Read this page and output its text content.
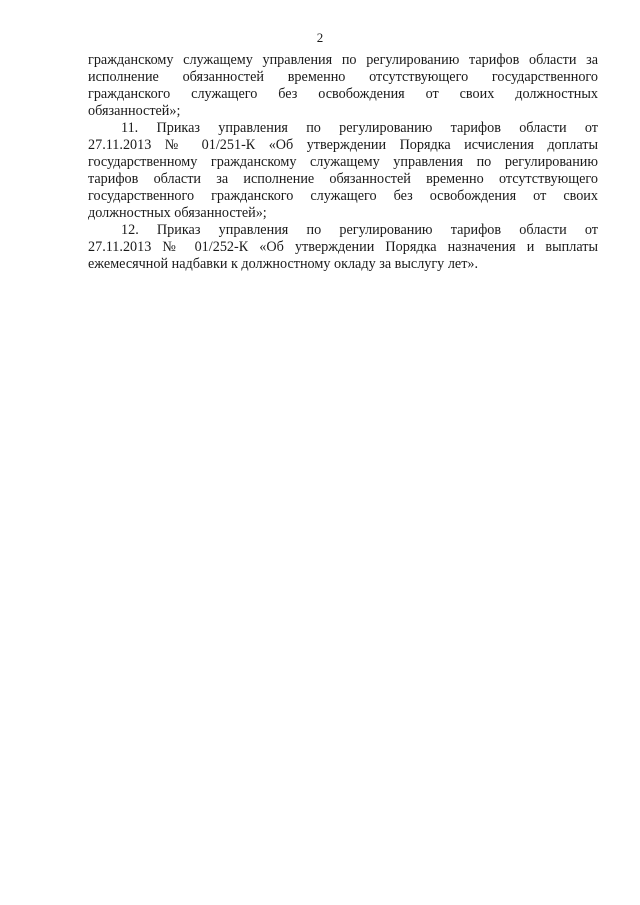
2

гражданскому служащему управления по регулированию тарифов области за
исполнение обязанностей временно отсутствующего государственного
гражданского служащего без освобождения от своих должностных
обязанностей»;

11. Приказ управления по регулированию тарифов области от
27.11.2013 № 01/251-К «Об утверждении Порядка исчисления доплаты
государственному гражданскому служащему управления по регулированию
тарифов области за исполнение обязанностей временно отсутствующего
государственного гражданского служащего без освобождения от своих
должностных обязанностей»;

12. Приказ управления по регулированию тарифов области от
27.11.2013 № 01/252-К «Об утверждении Порядка назначения и выплаты
ежемесячной надбавки к должностному окладу за выслугу лет».
